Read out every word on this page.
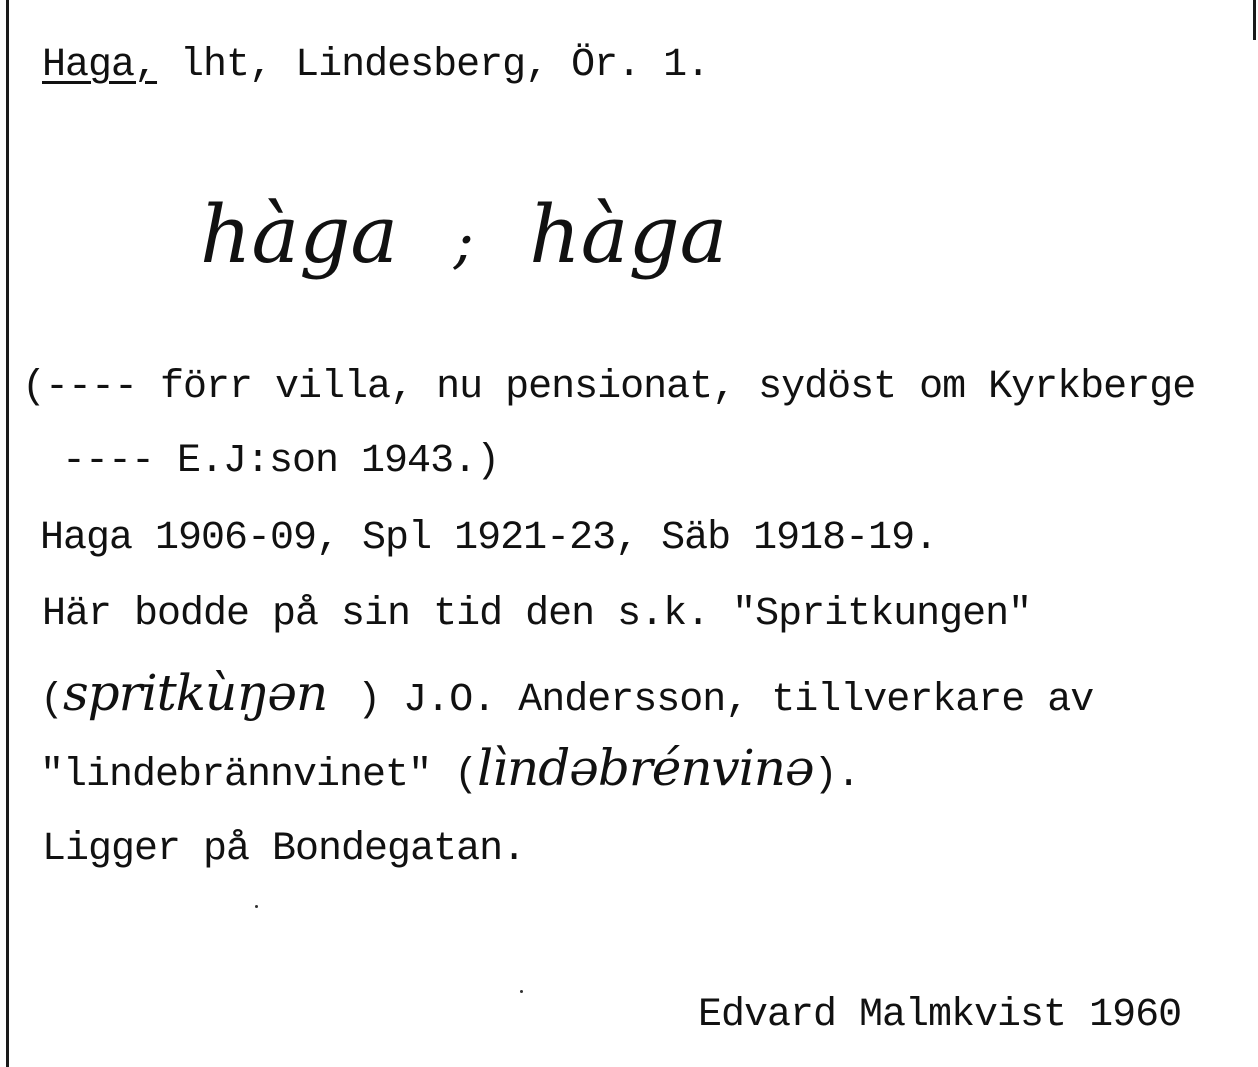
Haga, lht, Lindesberg, Ör. 1.
hàga ; hàga
(---- förr villa, nu pensionat, sydöst om Kyrkberge
---- E.J:son 1943.)
Haga 1906-09, Spl 1921-23, Säb 1918-19.
Här bodde på sin tid den s.k. "Spritkungen"
(spritkùŋən ) J.O. Andersson, tillverkare av
"lindebrännvinet" (lìndəbrénvinə).
Ligger på Bondegatan.
Edvard Malmkvist 1960
